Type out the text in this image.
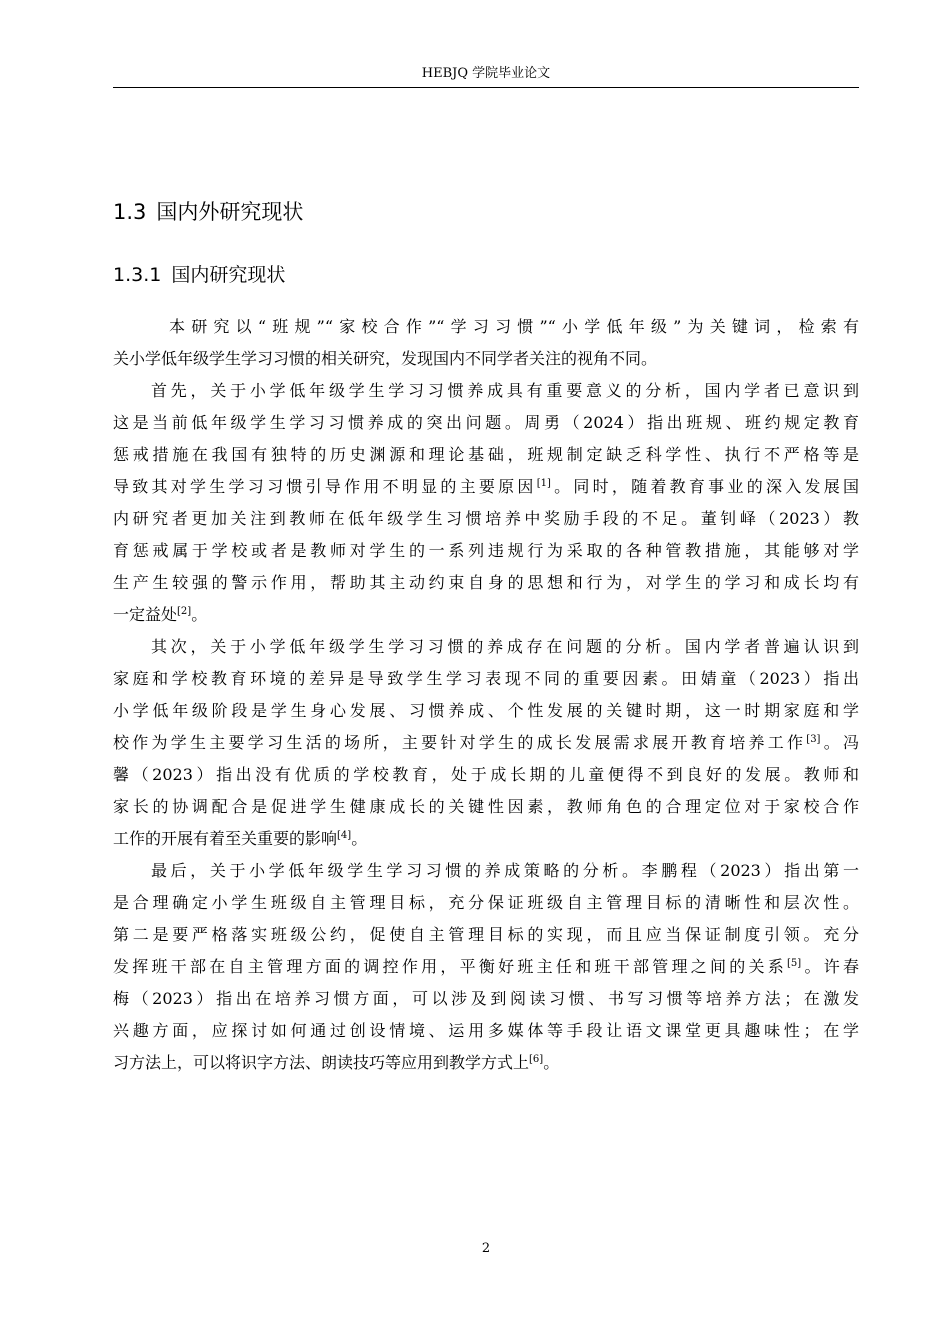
HEBJQ 学院毕业论文
1.3 国内外研究现状
1.3.1 国内研究现状
本研究以“班规”“家校合作”“学习习惯”“小学低年级”为关键词，检索有
关小学低年级学生学习习惯的相关研究，发现国内不同学者关注的视角不同。
首先，关于小学低年级学生学习习惯养成具有重要意义的分析，国内学者已意识到
这是当前低年级学生学习习惯养成的突出问题。周勇（2024）指出班规、班约规定教育
惩戒措施在我国有独特的历史渊源和理论基础，班规制定缺乏科学性、执行不严格等是
导致其对学生学习习惯引导作用不明显的主要原因[1]。同时，随着教育事业的深入发展国
内研究者更加关注到教师在低年级学生习惯培养中奖励手段的不足。董钊峄（2023）教
育惩戒属于学校或者是教师对学生的一系列违规行为采取的各种管教措施，其能够对学
生产生较强的警示作用，帮助其主动约束自身的思想和行为，对学生的学习和成长均有
一定益处[2]。
其次，关于小学低年级学生学习习惯的养成存在问题的分析。国内学者普遍认识到
家庭和学校教育环境的差异是导致学生学习表现不同的重要因素。田婧童（2023）指出
小学低年级阶段是学生身心发展、习惯养成、个性发展的关键时期，这一时期家庭和学
校作为学生主要学习生活的场所，主要针对学生的成长发展需求展开教育培养工作[3]。冯
馨（2023）指出没有优质的学校教育，处于成长期的儿童便得不到良好的发展。教师和
家长的协调配合是促进学生健康成长的关键性因素，教师角色的合理定位对于家校合作
工作的开展有着至关重要的影响[4]。
最后，关于小学低年级学生学习习惯的养成策略的分析。李鹏程（2023）指出第一
是合理确定小学生班级自主管理目标，充分保证班级自主管理目标的清晰性和层次性。
第二是要严格落实班级公约，促使自主管理目标的实现，而且应当保证制度引领。充分
发挥班干部在自主管理方面的调控作用，平衡好班主任和班干部管理之间的关系[5]。许春
梅（2023）指出在培养习惯方面，可以涉及到阅读习惯、书写习惯等培养方法；在激发
兴趣方面，应探讨如何通过创设情境、运用多媒体等手段让语文课堂更具趣味性；在学
习方法上，可以将识字方法、朗读技巧等应用到教学方式上[6]。
2
